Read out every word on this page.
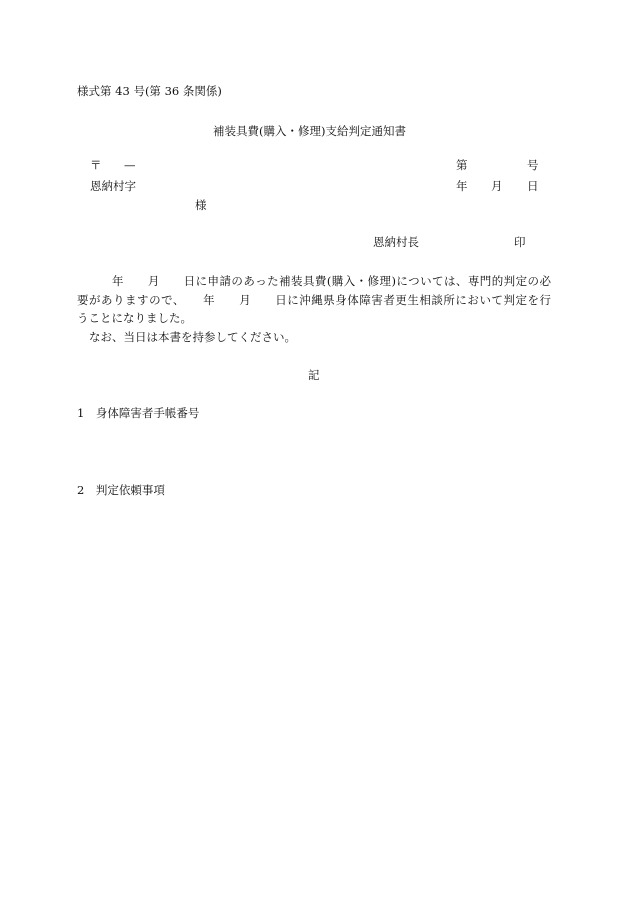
様式第 43 号(第 36 条関係)
補装具費(購入・修理)支給判定通知書
〒 —	第	号
恩納村字	年 月 日
様
恩納村長	印
年　　月　　日に申請のあった補装具費(購入・修理)については、専門的判定の必
要がありますので、　　年　　月　　日に沖縄県身体障害者更生相談所において判定を行
うことになりました。
なお、当日は本書を持参してください。
記
1　身体障害者手帳番号
2　判定依頼事項
